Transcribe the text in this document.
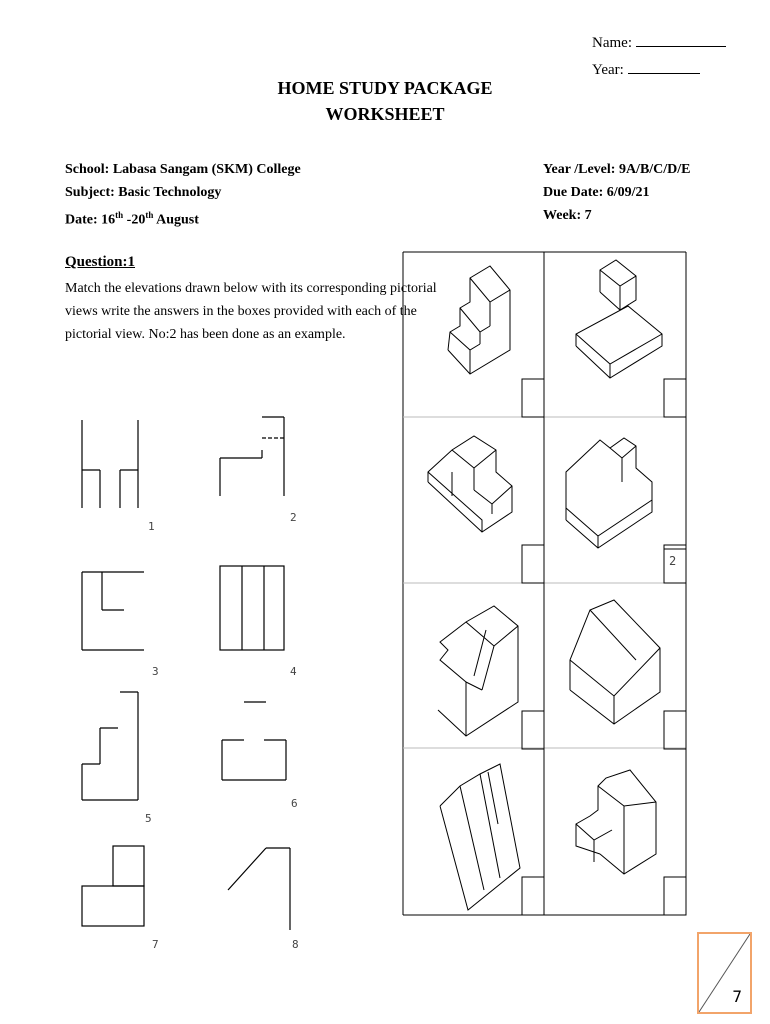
Name:
Year:
HOME STUDY PACKAGE
WORKSHEET
School: Labasa Sangam (SKM) College
Subject: Basic Technology
Date: 16th -20th August
Year /Level: 9A/B/C/D/E
Due Date: 6/09/21
Week: 7
Question:1
Match the elevations drawn below with its corresponding pictorial
views write the answers in the boxes provided with each of the
pictorial view. No:2 has been done as an example.
1
2
3	4
5
6
7	8
2
7
